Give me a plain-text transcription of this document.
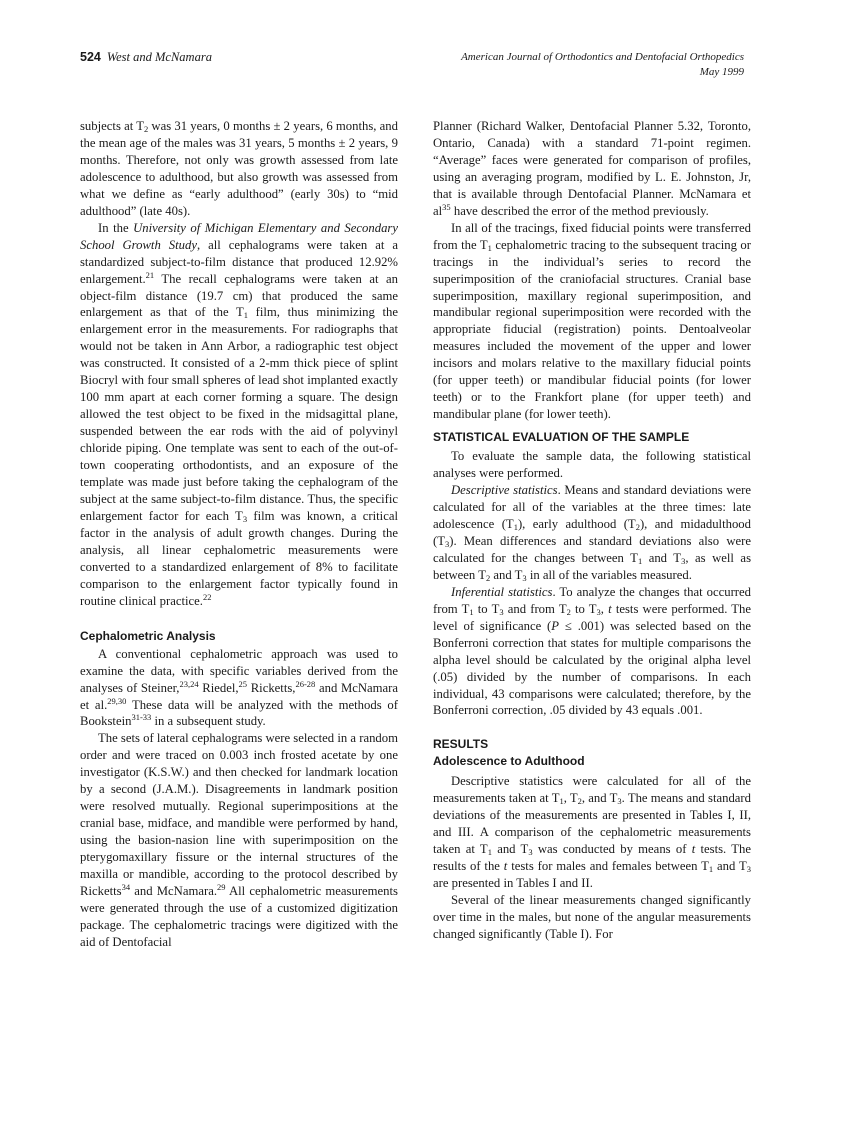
524 West and McNamara	American Journal of Orthodontics and Dentofacial Orthopedics
May 1999

subjects at $T_2$ was 31 years, 0 months ± 2 years, 6 months, and the mean age of the males was 31 years, 5 months ± 2 years, 9 months. Therefore, not only was growth assessed from late adolescence to adulthood, but also growth was assessed from what we define as “early adulthood” (early 30s) to “mid adulthood” (late 40s).

In the University of Michigan Elementary and Secondary School Growth Study, all cephalograms were taken at a standardized subject-to-film distance that produced 12.92% enlargement.$^{21}$ The recall cephalograms were taken at an object-film distance (19.7 cm) that produced the same enlargement as that of the $T_1$ film, thus minimizing the enlargement error in the measurements. For radiographs that would not be taken in Ann Arbor, a radiographic test object was constructed. It consisted of a 2-mm thick piece of splint Biocryl with four small spheres of lead shot implanted exactly 100 mm apart at each corner forming a square. The design allowed the test object to be fixed in the midsagittal plane, suspended between the ear rods with the aid of polyvinyl chloride piping. One template was sent to each of the out-of-town cooperating orthodontists, and an exposure of the template was made just before taking the cephalogram of the subject at the same subject-to-film distance. Thus, the specific enlargement factor for each $T_3$ film was known, a critical factor in the analysis of adult growth changes. During the analysis, all linear cephalometric measurements were converted to a standardized enlargement of 8% to facilitate comparison to the enlargement factor typically found in routine clinical practice.$^{22}$

Cephalometric Analysis

A conventional cephalometric approach was used to examine the data, with specific variables derived from the analyses of Steiner,$^{23,24}$ Riedel,$^{25}$ Ricketts,$^{26-28}$ and McNamara et al.$^{29,30}$ These data will be analyzed with the methods of Bookstein$^{31-33}$ in a subsequent study.

The sets of lateral cephalograms were selected in a random order and were traced on 0.003 inch frosted acetate by one investigator (K.S.W.) and then checked for landmark location by a second (J.A.M.). Disagreements in landmark position were resolved mutually. Regional superimpositions at the cranial base, midface, and mandible were performed by hand, using the basion-nasion line with superimposition on the pterygomaxillary fissure or the internal structures of the maxilla or mandible, according to the protocol described by Ricketts$^{34}$ and McNamara.$^{29}$ All cephalometric measurements were generated through the use of a customized digitization package. The cephalometric tracings were digitized with the aid of Dentofacial

Planner (Richard Walker, Dentofacial Planner 5.32, Toronto, Ontario, Canada) with a standard 71-point regimen. “Average” faces were generated for comparison of profiles, using an averaging program, modified by L. E. Johnston, Jr, that is available through Dentofacial Planner. McNamara et $al^{35}$ have described the error of the method previously.

In all of the tracings, fixed fiducial points were transferred from the $T_1$ cephalometric tracing to the subsequent tracing or tracings in the individual’s series to record the superimposition of the craniofacial structures. Cranial base superimposition, maxillary regional superimposition, and mandibular regional superimposition were recorded with the appropriate fiducial (registration) points. Dentoalveolar measures included the movement of the upper and lower incisors and molars relative to the maxillary fiducial points (for upper teeth) or mandibular fiducial points (for lower teeth) or to the Frankfort plane (for upper teeth) and mandibular plane (for lower teeth).

STATISTICAL EVALUATION OF THE SAMPLE

To evaluate the sample data, the following statistical analyses were performed.

Descriptive statistics. Means and standard deviations were calculated for all of the variables at the three times: late adolescence $(T_1)$, early adulthood $(T_2)$, and midadulthood $(T_3)$. Mean differences and standard deviations also were calculated for the changes between $T_1$ and $T_3$, as well as between $T_2$ and $T_3$ in all of the variables measured.

Inferential statistics. To analyze the changes that occurred from $T_1$ to $T_3$ and from $T_2$ to $T_3$, t tests were performed. The level of significance (P ≤ .001) was selected based on the Bonferroni correction that states for multiple comparisons the alpha level should be calculated by the original alpha level (.05) divided by the number of comparisons. In each individual, 43 comparisons were calculated; therefore, by the Bonferroni correction, .05 divided by 43 equals .001.

RESULTS
Adolescence to Adulthood

Descriptive statistics were calculated for all of the measurements taken at $T_1$, $T_2$, and $T_3$. The means and standard deviations of the measurements are presented in Tables I, II, and III. A comparison of the cephalometric measurements taken at $T_1$ and $T_3$ was conducted by means of t tests. The results of the t tests for males and females between $T_1$ and $T_3$ are presented in Tables I and II.

Several of the linear measurements changed significantly over time in the males, but none of the angular measurements changed significantly (Table I). For
